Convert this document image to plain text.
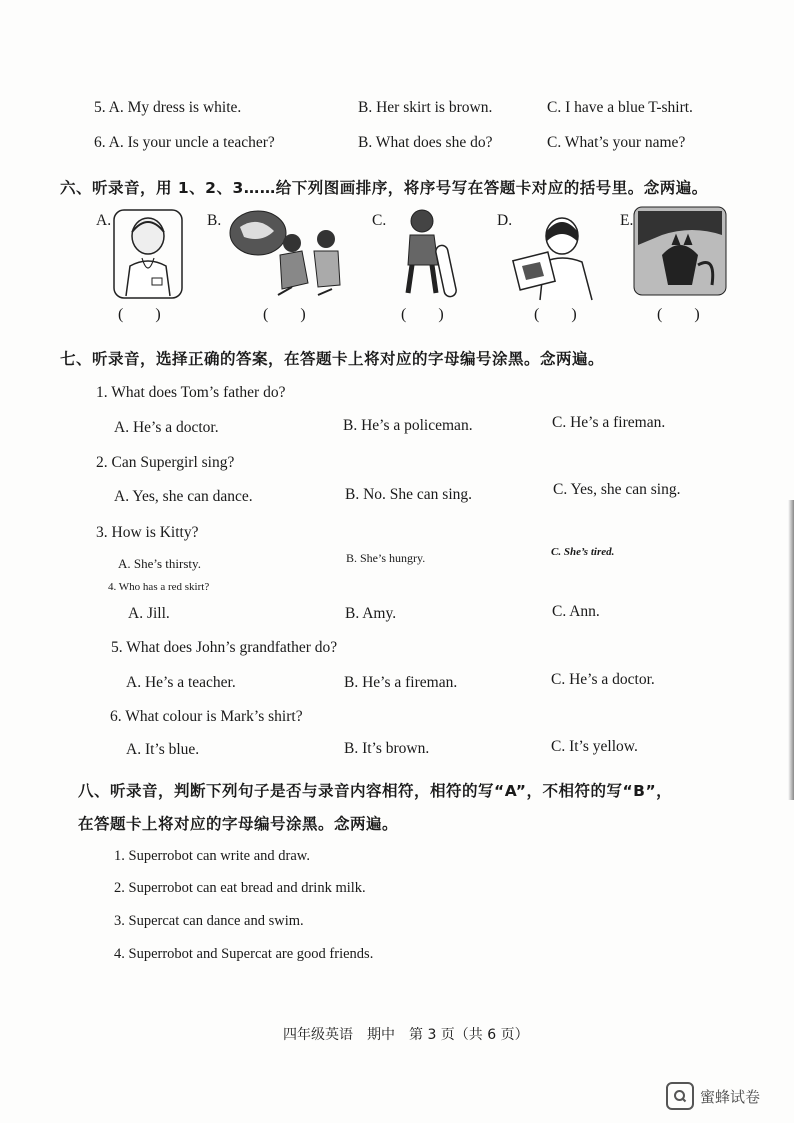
5. A. My dress is white.	B. Her skirt is brown.	C. I have a blue T-shirt.
6. A. Is your uncle a teacher?	B. What does she do?	C. What’s your name?
六、听录音，用 1、2、3……给下列图画排序，将序号写在答题卡对应的括号里。念两遍。
A.	B.	C.	D.	E.
( )	( )	( )	( )	( )
七、听录音，选择正确的答案，在答题卡上将对应的字母编号涂黑。念两遍。
1. What does Tom’s father do?
A. He’s a doctor.	B. He’s a policeman.	C. He’s a fireman.
2. Can Supergirl sing?
A. Yes, she can dance.	B. No. She can sing.	C. Yes, she can sing.
3. How is Kitty?
A. She’s thirsty.	B. She’s hungry.	C. She’s tired.
4. Who has a red skirt?
A. Jill.	B. Amy.	C. Ann.
5. What does John’s grandfather do?
A. He’s a teacher.	B. He’s a fireman.	C. He’s a doctor.
6. What colour is Mark’s shirt?
A. It’s blue.	B. It’s brown.	C. It’s yellow.
八、听录音，判断下列句子是否与录音内容相符，相符的写“A”，不相符的写“B”，
在答题卡上将对应的字母编号涂黑。念两遍。
1. Superrobot can write and draw.
2. Superrobot can eat bread and drink milk.
3. Supercat can dance and swim.
4. Superrobot and Supercat are good friends.
四年级英语　期中　第 3 页（共 6 页）
蜜蜂试卷
